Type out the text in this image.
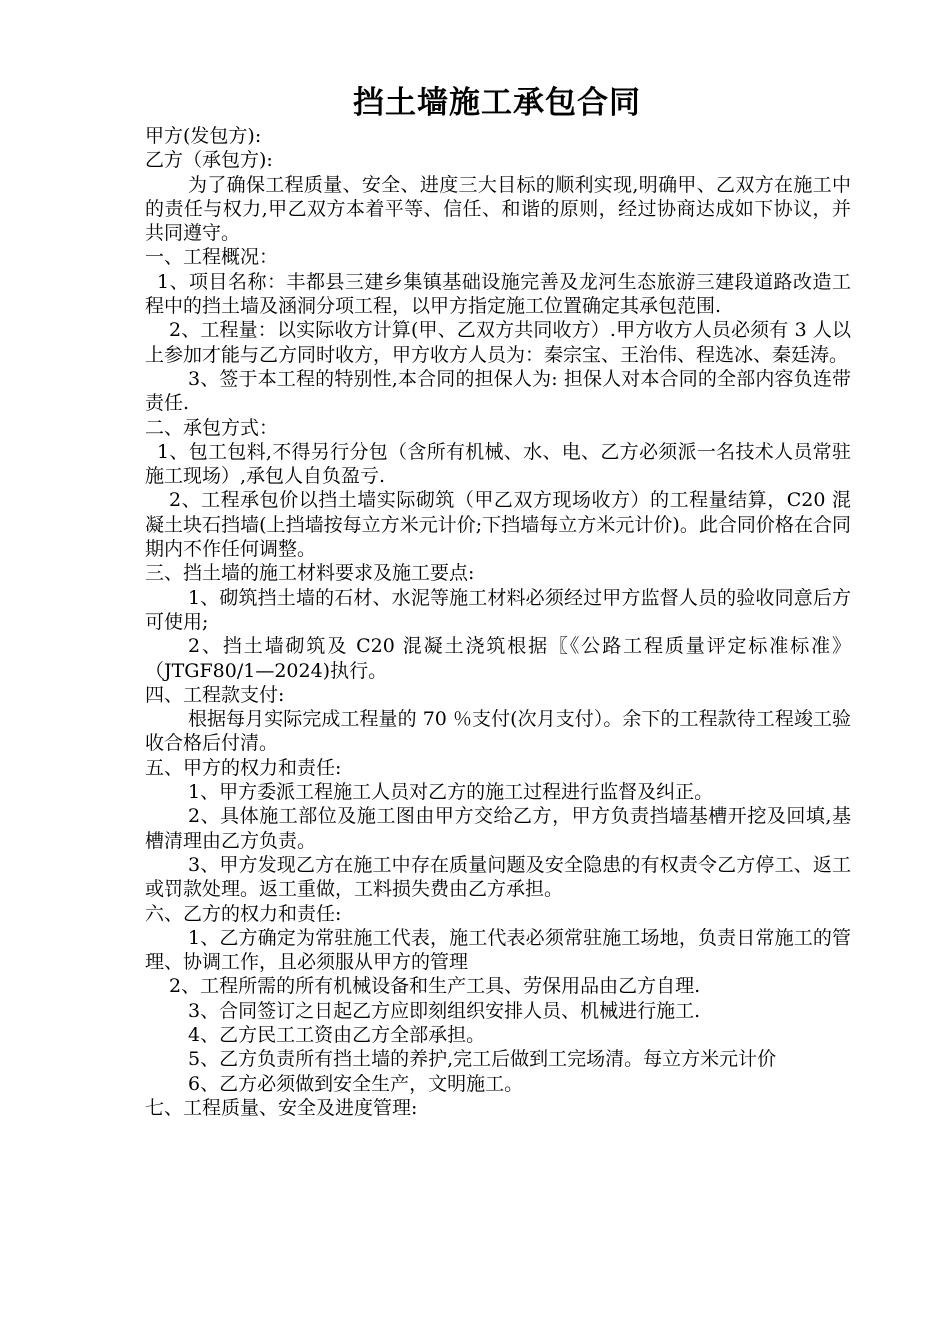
挡土墙施工承包合同

甲方(发包方):

乙方（承包方):

为了确保工程质量、安全、进度三大目标的顺利实现,明确甲、乙双方在施工中的责任与权力,甲乙双方本着平等、信任、和谐的原则，经过协商达成如下协议，并共同遵守。

一、工程概况：

1、项目名称：丰都县三建乡集镇基础设施完善及龙河生态旅游三建段道路改造工程中的挡土墙及涵洞分项工程，以甲方指定施工位置确定其承包范围.

2、工程量：以实际收方计算(甲、乙双方共同收方）.甲方收方人员必须有 3 人以上参加才能与乙方同时收方，甲方收方人员为：秦宗宝、王治伟、程选冰、秦廷涛。

3、签于本工程的特别性,本合同的担保人为: 担保人对本合同的全部内容负连带责任.

二、承包方式：

1、包工包料,不得另行分包（含所有机械、水、电、乙方必须派一名技术人员常驻施工现场）,承包人自负盈亏.

2、工程承包价以挡土墙实际砌筑（甲乙双方现场收方）的工程量结算，C20 混凝土块石挡墙(上挡墙按每立方米元计价;下挡墙每立方米元计价)。此合同价格在合同期内不作任何调整。

三、挡土墙的施工材料要求及施工要点:

1、砌筑挡土墙的石材、水泥等施工材料必须经过甲方监督人员的验收同意后方可使用;

2、挡土墙砌筑及 C20 混凝土浇筑根据〖《公路工程质量评定标准标准》（JTGF80/1—2024)执行。

四、工程款支付:

根据每月实际完成工程量的 70 ％支付(次月支付）。余下的工程款待工程竣工验收合格后付清。

五、甲方的权力和责任:

1、甲方委派工程施工人员对乙方的施工过程进行监督及纠正。

2、具体施工部位及施工图由甲方交给乙方，甲方负责挡墙基槽开挖及回填,基槽清理由乙方负责。

3、甲方发现乙方在施工中存在质量问题及安全隐患的有权责令乙方停工、返工或罚款处理。返工重做，工料损失费由乙方承担。

六、乙方的权力和责任:

1、乙方确定为常驻施工代表，施工代表必须常驻施工场地，负责日常施工的管理、协调工作，且必须服从甲方的管理

2、工程所需的所有机械设备和生产工具、劳保用品由乙方自理.

3、合同签订之日起乙方应即刻组织安排人员、机械进行施工.

4、乙方民工工资由乙方全部承担。

5、乙方负责所有挡土墙的养护,完工后做到工完场清。每立方米元计价

6、乙方必须做到安全生产，文明施工。

七、工程质量、安全及进度管理:
